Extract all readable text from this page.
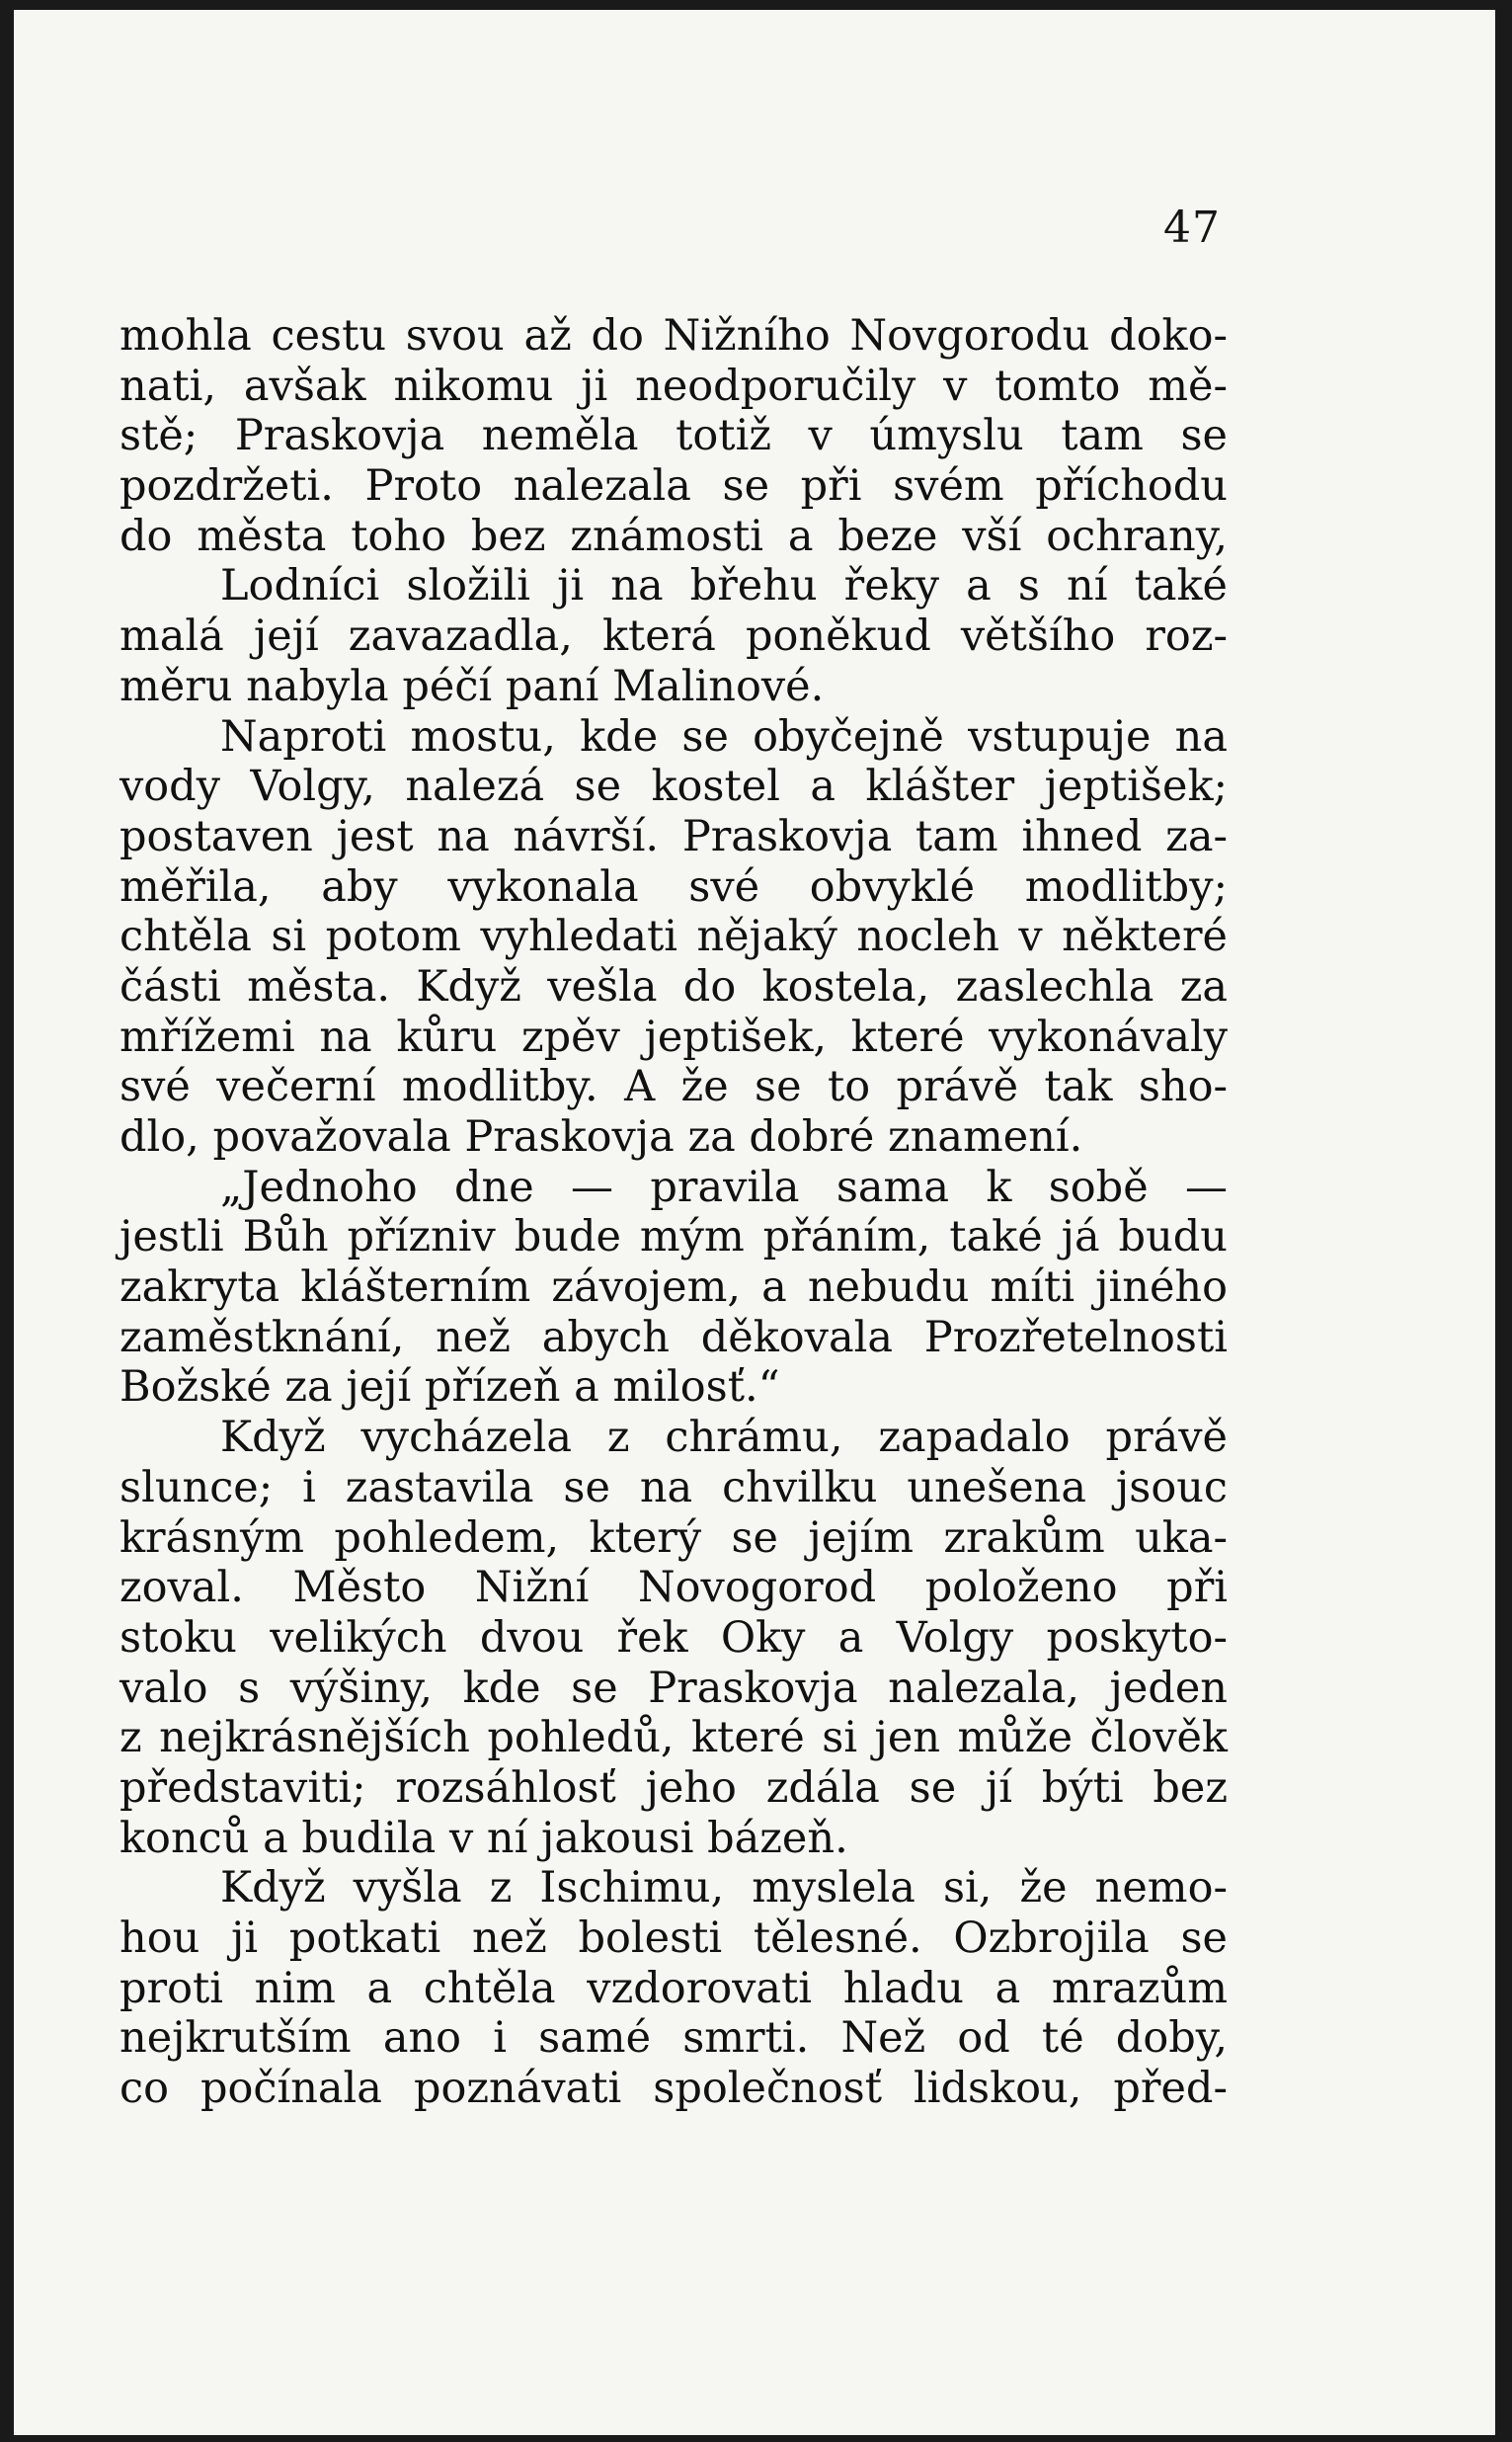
47
mohla cestu svou až do Nižního Novgorodu doko-
nati, avšak nikomu ji neodporučily v tomto mě-
stě; Praskovja neměla totiž v úmyslu tam se
pozdržeti. Proto nalezala se při svém příchodu
do města toho bez známosti a beze vší ochrany,
Lodníci složili ji na břehu řeky a s ní také
malá její zavazadla, která poněkud většího roz-
měru nabyla péčí paní Malinové.
Naproti mostu, kde se obyčejně vstupuje na
vody Volgy, nalezá se kostel a klášter jeptišek;
postaven jest na návrší. Praskovja tam ihned za-
měřila, aby vykonala své obvyklé modlitby;
chtěla si potom vyhledati nějaký nocleh v některé
části města. Když vešla do kostela, zaslechla za
mřížemi na kůru zpěv jeptišek, které vykonávaly
své večerní modlitby. A že se to právě tak sho-
dlo, považovala Praskovja za dobré znamení.
„Jednoho dne — pravila sama k sobě —
jestli Bůh přízniv bude mým přáním, také já budu
zakryta klášterním závojem, a nebudu míti jiného
zaměstknání, než abych děkovala Prozřetelnosti
Božské za její přízeň a milosť.“
Když vycházela z chrámu, zapadalo právě
slunce; i zastavila se na chvilku unešena jsouc
krásným pohledem, který se jejím zrakům uka-
zoval. Město Nižní Novogorod položeno při
stoku velikých dvou řek Oky a Volgy poskyto-
valo s výšiny, kde se Praskovja nalezala, jeden
z nejkrásnějších pohledů, které si jen může člověk
představiti; rozsáhlosť jeho zdála se jí býti bez
konců a budila v ní jakousi bázeň.
Když vyšla z Ischimu, myslela si, že nemo-
hou ji potkati než bolesti tělesné. Ozbrojila se
proti nim a chtěla vzdorovati hladu a mrazům
nejkrutším ano i samé smrti. Než od té doby,
co počínala poznávati společnosť lidskou, před-
